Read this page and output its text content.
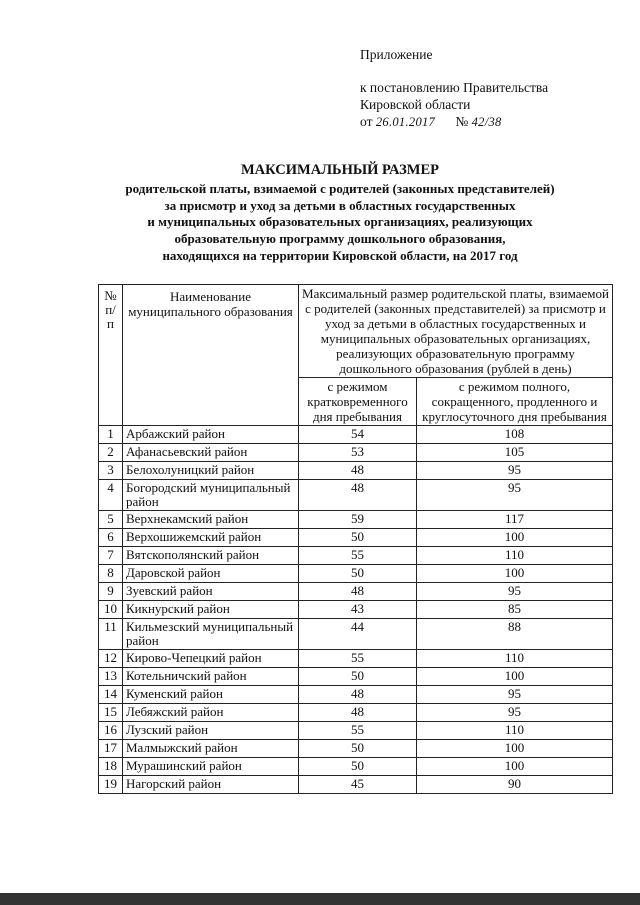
Приложение
к постановлению Правительства
Кировской области
от 26.01.2017 № 42/38
МАКСИМАЛЬНЫЙ РАЗМЕР
родительской платы, взимаемой с родителей (законных представителей)
за присмотр и уход за детьми в областных государственных
и муниципальных образовательных организациях, реализующих
образовательную программу дошкольного образования,
находящихся на территории Кировской области, на 2017 год
№ п/п	Наименование муниципального образования	Максимальный размер родительской платы, взимаемой с родителей (законных представителей) за присмотр и уход за детьми в областных государственных и муниципальных образовательных организациях, реализующих образовательную программу дошкольного образования (рублей в день)	
		с режимом кратковременного дня пребывания	с режимом полного, сокращенного, продленного и круглосуточного дня пребывания
1	Арбажский район	54	108
2	Афанасьевский район	53	105
3	Белохолуницкий район	48	95
4	Богородский муниципальный район	48	95
5	Верхнекамский район	59	117
6	Верхошижемский район	50	100
7	Вятскополянский район	55	110
8	Даровской район	50	100
9	Зуевский район	48	95
10	Кикнурский район	43	85
11	Кильмезский муниципальный район	44	88
12	Кирово-Чепецкий район	55	110
13	Котельничский район	50	100
14	Куменский район	48	95
15	Лебяжский район	48	95
16	Лузский район	55	110
17	Малмыжский район	50	100
18	Мурашинский район	50	100
19	Нагорский район	45	90
